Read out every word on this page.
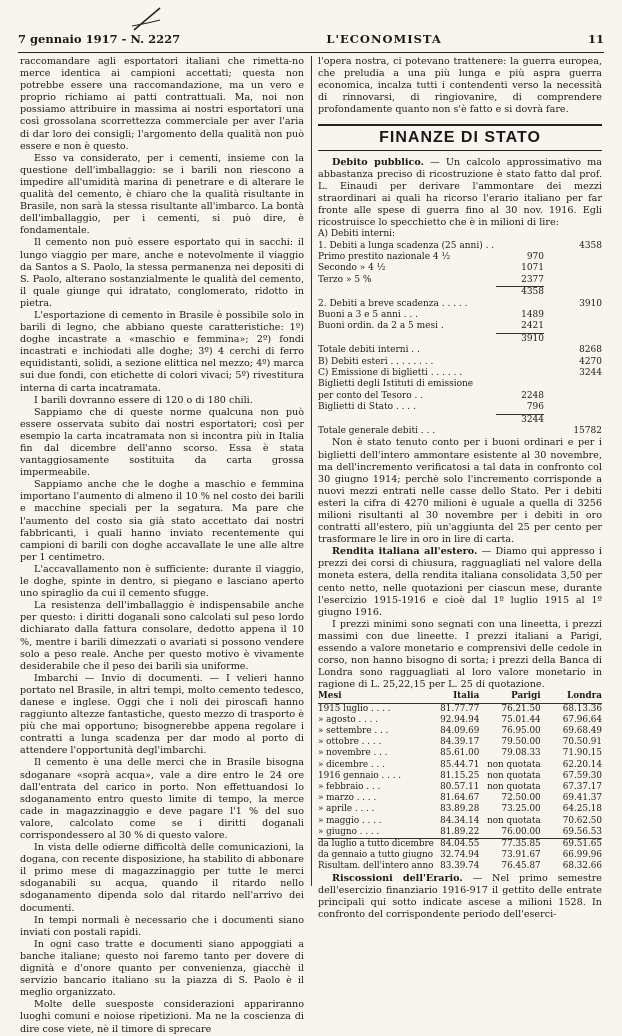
7 gennaio 1917 - N. 2227	L'ECONOMISTA	11

raccomandare agli esportatori italiani che rimetta-no merce identica ai campioni accettati; questa non potrebbe essere una raccomandazione, ma un vero e proprio richiamo ai patti contrattuali. Ma, noi non possiamo attribuire in massima ai nostri esportatori una così grossolana scorrettezza commerciale per aver l'aria di dar loro dei consigli; l'argomento della qualità non può essere e non è questo.

Esso va considerato, per i cementi, insieme con la questione dell'imballaggio: se i barili non riescono a impedire all'umidità marina di penetrare e di alterare le qualità del cemento, è chiaro che la qualità risultante in Brasile, non sarà la stessa risultante all'imbarco. La bontà dell'imballaggio, per i cementi, si può dire, è fondamentale.

Il cemento non può essere esportato qui in sacchi: il lungo viaggio per mare, anche e notevolmente il viaggio da Santos a S. Paolo, la stessa permanenza nei depositi di S. Paolo, alterano sostanzialmente le qualità del cemento, il quale giunge qui idratato, conglomerato, ridotto in pietra.

L'esportazione di cemento in Brasile è possibile solo in barili di legno, che abbiano queste caratteristiche: 1º) doghe incastrate a «maschio e femmina»; 2º) fondi incastrati e inchiodati alle doghe; 3º) 4 cerchi di ferro equidistanti, solidi, a sezione elittica nel mezzo; 4º) marca sui due fondi, con etichette di colori vivaci; 5º) rivestitura interna di carta incatramata.

I barili dovranno essere di 120 o di 180 chili.

Sappiamo che di queste norme qualcuna non può essere osservata subito dai nostri esportatori; così per esempio la carta incatramata non si incontra più in Italia fin dal dicembre dell'anno scorso. Essa è stata vantaggiosamente sostituita da carta grossa impermeabile.

Sappiamo anche che le doghe a maschio e femmina importano l'aumento di almeno il 10 % nel costo dei barili e macchine speciali per la segatura. Ma pare che l'aumento del costo sia già stato accettato dai nostri fabbricanti, i quali hanno inviato recentemente qui campioni di barili con doghe accavallate le une alle altre per 1 centimetro.

L'accavallamento non è sufficiente: durante il viaggio, le doghe, spinte in dentro, si piegano e lasciano aperto uno spiraglio da cui il cemento sfugge.

La resistenza dell'imballaggio è indispensabile anche per questo: i diritti doganali sono calcolati sul peso lordo dichiarato dalla fattura consolare, dedotto appena il 10 %, mentre i barili dimezzati o avariati si possono vendere solo a peso reale. Anche per questo motivo è vivamente desiderabile che il peso dei barili sia uniforme.

Imbarchi — Invio di documenti. — I velieri hanno portato nel Brasile, in altri tempi, molto cemento tedesco, danese e inglese. Oggi che i noli dei piroscafi hanno raggiunto altezze fantastiche, questo mezzo di trasporto è più che mai opportuno; bisognerebbe appena regolare i contratti a lunga scadenza per dar modo al porto di attendere l'opportunità degl'imbarchi.

Il cemento è una delle merci che in Brasile bisogna sdoganare «soprà acqua», vale a dire entro le 24 ore dall'entrata del carico in porto. Non effettuandosi lo sdoganamento entro questo limite di tempo, la merce cade in magazzinaggio e deve pagare l'1 % del suo valore, calcolato come se i diritti doganali corrispondessero al 30 % di questo valore.

In vista delle odierne difficoltà delle comunicazioni, la dogana, con recente disposizione, ha stabilito di abbonare il primo mese di magazzinaggio per tutte le merci sdoganabili su acqua, quando il ritardo nello sdoganamento dipenda solo dal ritardo nell'arrivo dei documenti.

In tempi normali è necessario che i documenti siano inviati con postali rapidi.

In ogni caso tratte e documenti siano appoggiati a banche italiane; questo noi faremo tanto per dovere di dignità e d'onore quanto per convenienza, giacchè il servizio bancario italiano su la piazza di S. Paolo è il meglio organizzato.

Molte delle suesposte considerazioni appariranno luoghi comuni e noiose ripetizioni. Ma ne la coscienza di dire cose viete, nè il timore di sprecare

l'opera nostra, ci potevano trattenere: la guerra europea, che preludia a una più lunga e più aspra guerra economica, incalza tutti i contendenti verso la necessità di rinnovarsi, di ringiovanire, di comprendere profondamente quanto non s'è fatto e si dovrà fare.

FINANZE DI STATO

Debito pubblico. — Un calcolo approssimativo ma abbastanza preciso di ricostruzione è stato fatto dal prof. L. Einaudi per derivare l'ammontare dei mezzi straordinari ai quali ha ricorso l'erario italiano per far fronte alle spese di guerra fino al 30 nov. 1916. Egli ricostruisce lo specchietto che è in milioni di lire:

A) Debiti interni:
1. Debiti a lunga scadenza (25 anni) . .	4358
Primo prestito nazionale 4 ½	970
Secondo » 4 ½	1071
Terzo » 5 %	2377
4358
2. Debiti a breve scadenza . . . . .	3910
Buoni a 3 e 5 anni . . .	1489
Buoni ordin. da 2 a 5 mesi .	2421
3910
Totale debiti interni . .	8268
B) Debiti esteri . . . . . . . .	4270
C) Emissione di biglietti . . . . . .	3244
Biglietti degli Istituti di emissione
per conto del Tesoro . .	2248
Biglietti di Stato . . . .	796
3244
Totale generale debiti . . .	15782

Non è stato tenuto conto per i buoni ordinari e per i biglietti dell'intero ammontare esistente al 30 novembre, ma dell'incremento verificatosi a tal data in confronto col 30 giugno 1914; perchè solo l'incremento corrisponde a nuovi mezzi entrati nelle casse dello Stato. Per i debiti esteri la cifra di 4270 milioni è uguale a quella di 3256 milioni risultanti al 30 novembre per i debiti in oro contratti all'estero, più un'aggiunta del 25 per cento per trasformare le lire in oro in lire di carta.

Rendita italiana all'estero. — Diamo qui appresso i prezzi dei corsi di chiusura, ragguagliati nel valore della moneta estera, della rendita italiana consolidata 3,50 per cento netto, nelle quotazioni per ciascun mese, durante l'esercizio 1915-1916 e cioè dal 1º luglio 1915 al 1º giugno 1916.

I prezzi minimi sono segnati con una lineetta, i prezzi massimi con due lineette. I prezzi italiani a Parigi, essendo a valore monetario e comprensivi delle cedole in corso, non hanno bisogno di sorta; i prezzi della Banca di Londra sono ragguagliati al loro valore monetario in ragione di L. 25,22,15 per L. 25 di quotazione.

Mesi	Italia	Parigi	Londra
1915 luglio . . . .	81.77.77	76.21.50	68.13.36
» agosto . . . .	92.94.94	75.01.44	67.96.64
» settembre . . .	84.09.69	76.95.00	69.68.49
» ottobre . . . .	84.39.17	79.50.00	70.50.91
» novembre . . .	85.61.00	79.08.33	71.90.15
» dicembre . . .	85.44.71 non quotata	62.20.14
1916 gennaio . . . .	81.15.25 non quotata	67.59.30
» febbraio . . .	80.57.11 non quotata	67.37.17
» marzo . . . .	81.64.67	72.50.00	69.41.37
» aprile . . . .	83.89.28	73.25.00	64.25.18
» maggio . . . .	84.34.14 non quotata	70.62.50
» giugno . . . .	81.89.22	76.00.00	69.56.53
da luglio a tutto dicembre 84.04.55	77.35.85	69.51.65
da gennaio a tutto giugno 32.74.94	73.91.67	66.99.96
Risultam. dell'intero anno 83.39.74	76.45.87	68.32.66

Riscossioni dell'Erario. — Nel primo semestre dell'esercizio finanziario 1916-917 il gettito delle entrate principali qui sotto indicate ascese a milioni 1528. In confronto del corrispondente periodo dell'eserci-
